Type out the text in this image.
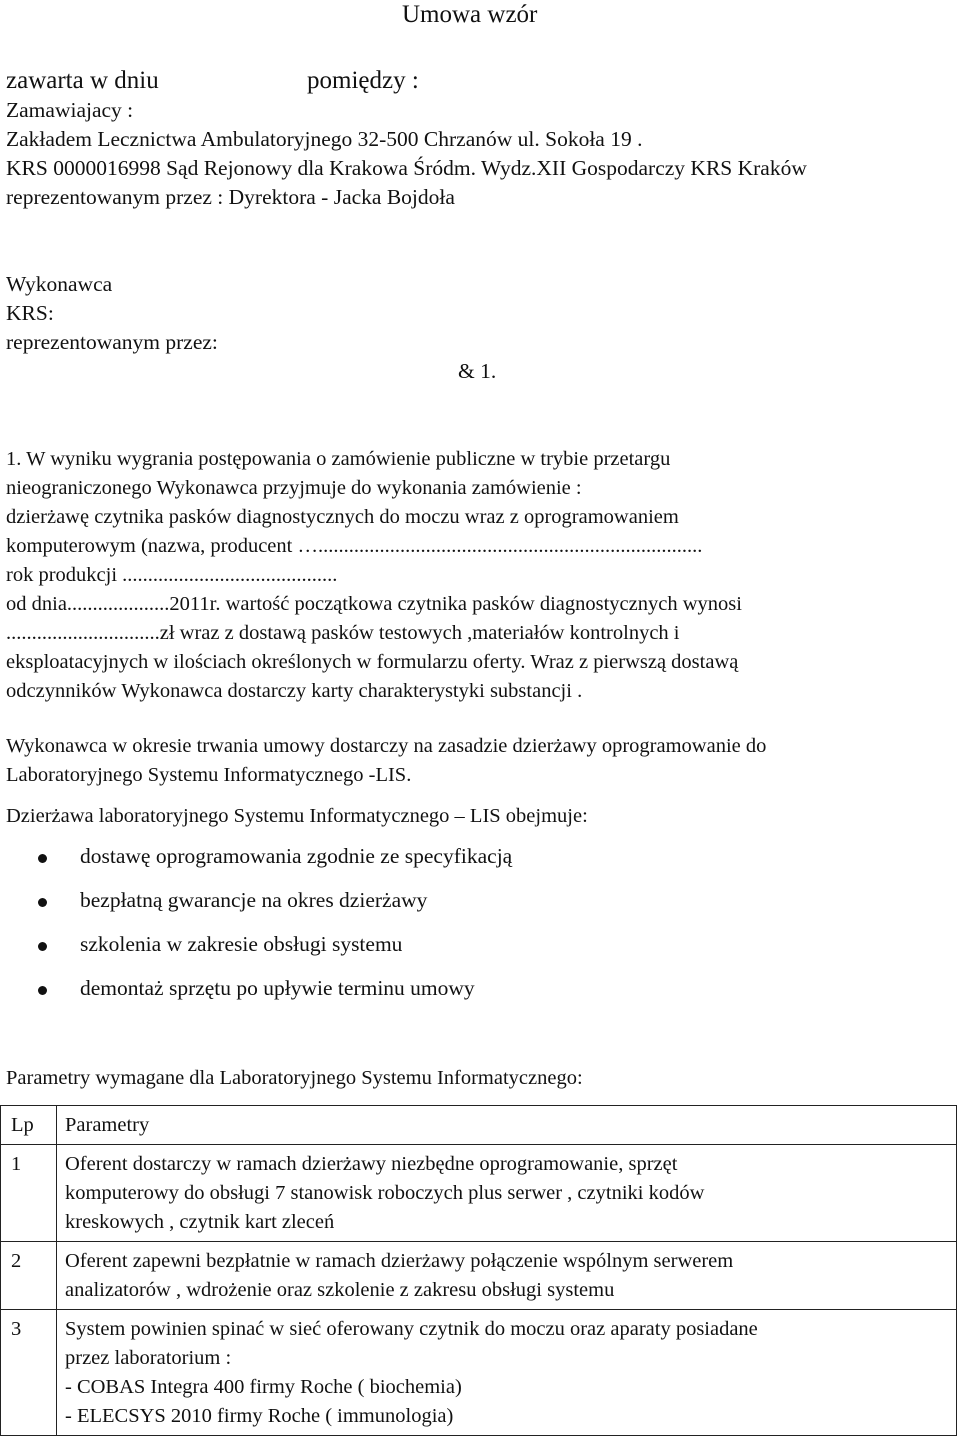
Umowa wzór
zawarta w dniu	pomiędzy :
Zamawiajacy :
Zakładem Lecznictwa Ambulatoryjnego 32-500 Chrzanów ul. Sokoła 19 .
KRS 0000016998 Sąd Rejonowy dla Krakowa Śródm. Wydz.XII Gospodarczy KRS Kraków
reprezentowanym przez : Dyrektora - Jacka Bojdoła
Wykonawca
KRS:
reprezentowanym przez:
& 1.
1. W wyniku wygrania postępowania o zamówienie publiczne w trybie przetargu
nieograniczonego Wykonawca przyjmuje do wykonania zamówienie :
dzierżawę czytnika pasków diagnostycznych do moczu wraz z oprogramowaniem
komputerowym (nazwa, producent …...........................................................................
rok produkcji ..........................................
od dnia....................2011r. wartość początkowa czytnika pasków diagnostycznych wynosi
..............................zł wraz z dostawą pasków testowych ,materiałów kontrolnych i
eksploatacyjnych w ilościach określonych w formularzu oferty. Wraz z pierwszą dostawą
odczynników Wykonawca dostarczy karty charakterystyki substancji .
Wykonawca w okresie trwania umowy dostarczy na zasadzie dzierżawy oprogramowanie do
Laboratoryjnego Systemu Informatycznego -LIS.
Dzierżawa laboratoryjnego Systemu Informatycznego – LIS obejmuje:
dostawę oprogramowania zgodnie ze specyfikacją
bezpłatną gwarancje na okres dzierżawy
szkolenia w zakresie obsługi systemu
demontaż sprzętu po upływie terminu umowy
Parametry wymagane dla Laboratoryjnego Systemu Informatycznego:
Lp	Parametry
1	Oferent dostarczy w ramach dzierżawy niezbędne oprogramowanie, sprzęt
komputerowy do obsługi 7 stanowisk roboczych plus serwer , czytniki kodów
kreskowych , czytnik kart zleceń

2	Oferent zapewni bezpłatnie w ramach dzierżawy połączenie wspólnym serwerem
analizatorów , wdrożenie oraz szkolenie z zakresu obsługi systemu

3	System powinien spinać w sieć oferowany czytnik do moczu oraz aparaty posiadane
przez laboratorium :
- COBAS Integra 400 firmy Roche ( biochemia)
- ELECSYS 2010 firmy Roche ( immunologia)
